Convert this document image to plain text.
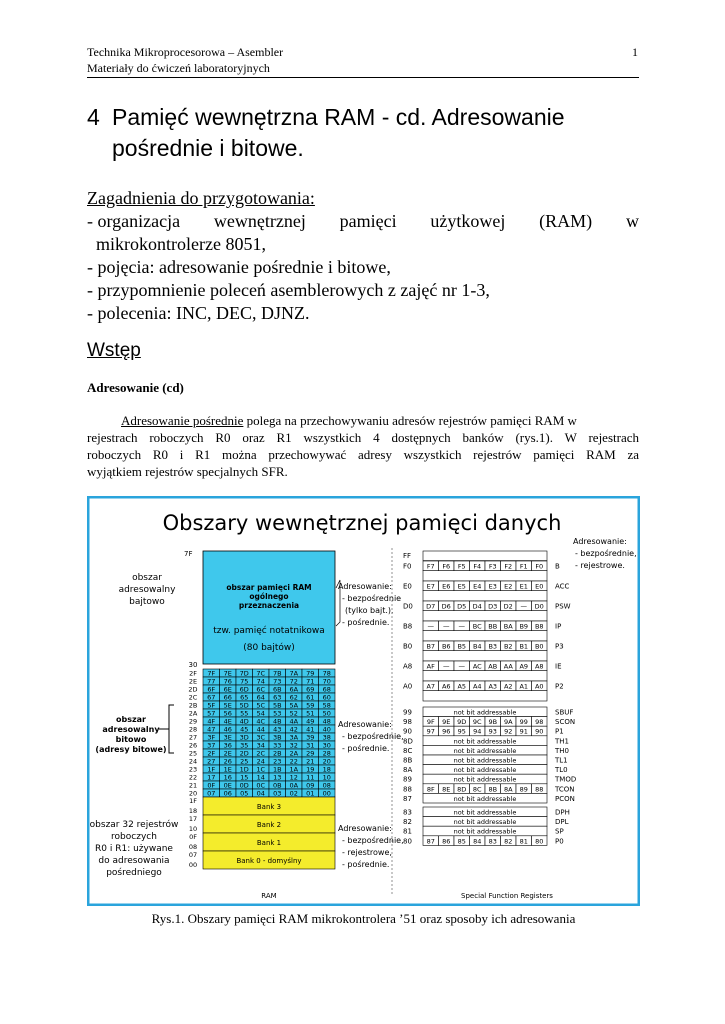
Technika Mikroprocesorowa – Asembler
Materiały do ćwiczeń laboratoryjnych
1
4 Pamięć wewnętrzna RAM - cd. Adresowanie
pośrednie i bitowe.
Zagadnienia do przygotowania:
- organizacja wewnętrznej pamięci użytkowej (RAM) w
mikrokontrolerze 8051,
- pojęcia: adresowanie pośrednie i bitowe,
- przypomnienie poleceń asemblerowych z zajęć nr 1-3,
- polecenia: INC, DEC, DJNZ.
Wstęp
Adresowanie (cd)
Adresowanie pośrednie polega na przechowywaniu adresów rejestrów pamięci RAM w
rejestrach roboczych R0 oraz R1 wszystkich 4 dostępnych banków (rys.1). W rejestrach
roboczych R0 i R1 można przechowywać adresy wszystkich rejestrów pamięci RAM za
wyjątkiem rejestrów specjalnych SFR.
Obszary wewnętrznej pamięci danych
7F
obszar
adresowalny
bajtowo
obszar
adresowalny
bitowo
(adresy bitowe)
obszar 32 rejestrów
roboczych
R0 i R1: używane
do adresowania
pośredniego
obszar pamięci RAM
ogólnego
przeznaczenia
tzw. pamięć notatnikowa
(80 bajtów)
30
2F 7F 7E 7D 7C 7B 7A 79 78
2E 77 76 75 74 73 72 71 70
2D 6F 6E 6D 6C 6B 6A 69 68
2C 67 66 65 64 63 62 61 60
2B 5F 5E 5D 5C 5B 5A 59 58
2A 57 56 55 54 53 52 51 50
29 4F 4E 4D 4C 4B 4A 49 48
28 47 46 45 44 43 42 41 40
27 3F 3E 3D 3C 3B 3A 39 38
26 37 36 35 34 33 32 31 30
25 2F 2E 2D 2C 2B 2A 29 28
24 27 26 25 24 23 22 21 20
23 1F 1E 1D 1C 1B 1A 19 18
22 17 16 15 14 13 12 11 10
21 0F 0E 0D 0C 0B 0A 09 08
20 07 06 05 04 03 02 01 00
1F
18	Bank 3
17
10	Bank 2
0F
08	Bank 1
07
00	Bank 0 - domyślny
RAM
Adresowanie:
- bezpośrednie
(tylko bajt.),
- pośrednie.
Adresowanie:
- bezpośrednie,
- pośrednie.
Adresowanie:
- bezpośrednie,
- rejestrowe,
- pośrednie.
Adresowanie:
- bezpośrednie,
- rejestrowe.
FF
F0 F7 F6 F5 F4 F3 F2 F1 F0 B
E0 E7 E6 E5 E4 E3 E2 E1 E0 ACC
D0 D7 D6 D5 D4 D3 D2 — D0 PSW
B8 — — — BC BB BA B9 B8 IP
B0 B7 B6 B5 B4 B3 B2 B1 B0 P3
A8 AF — — AC AB AA A9 A8 IE
A0 A7 A6 A5 A4 A3 A2 A1 A0 P2
99	not bit addressable	SBUF
98 9F 9E 9D 9C 9B 9A 99 98 SCON
90 97 96 95 94 93 92 91 90 P1
8D	not bit addressable	TH1
8C	not bit addressable	TH0
8B	not bit addressable	TL1
8A	not bit addressable	TL0
89	not bit addressable	TMOD
88 8F 8E 8D 8C 8B 8A 89 88 TCON
87	not bit addressable	PCON
83	not bit addressable	DPH
82	not bit addressable	DPL
81	not bit addressable	SP
80 87 86 85 84 83 82 81 80 P0
Special Function Registers
Rys.1. Obszary pamięci RAM mikrokontrolera ’51 oraz sposoby ich adresowania
